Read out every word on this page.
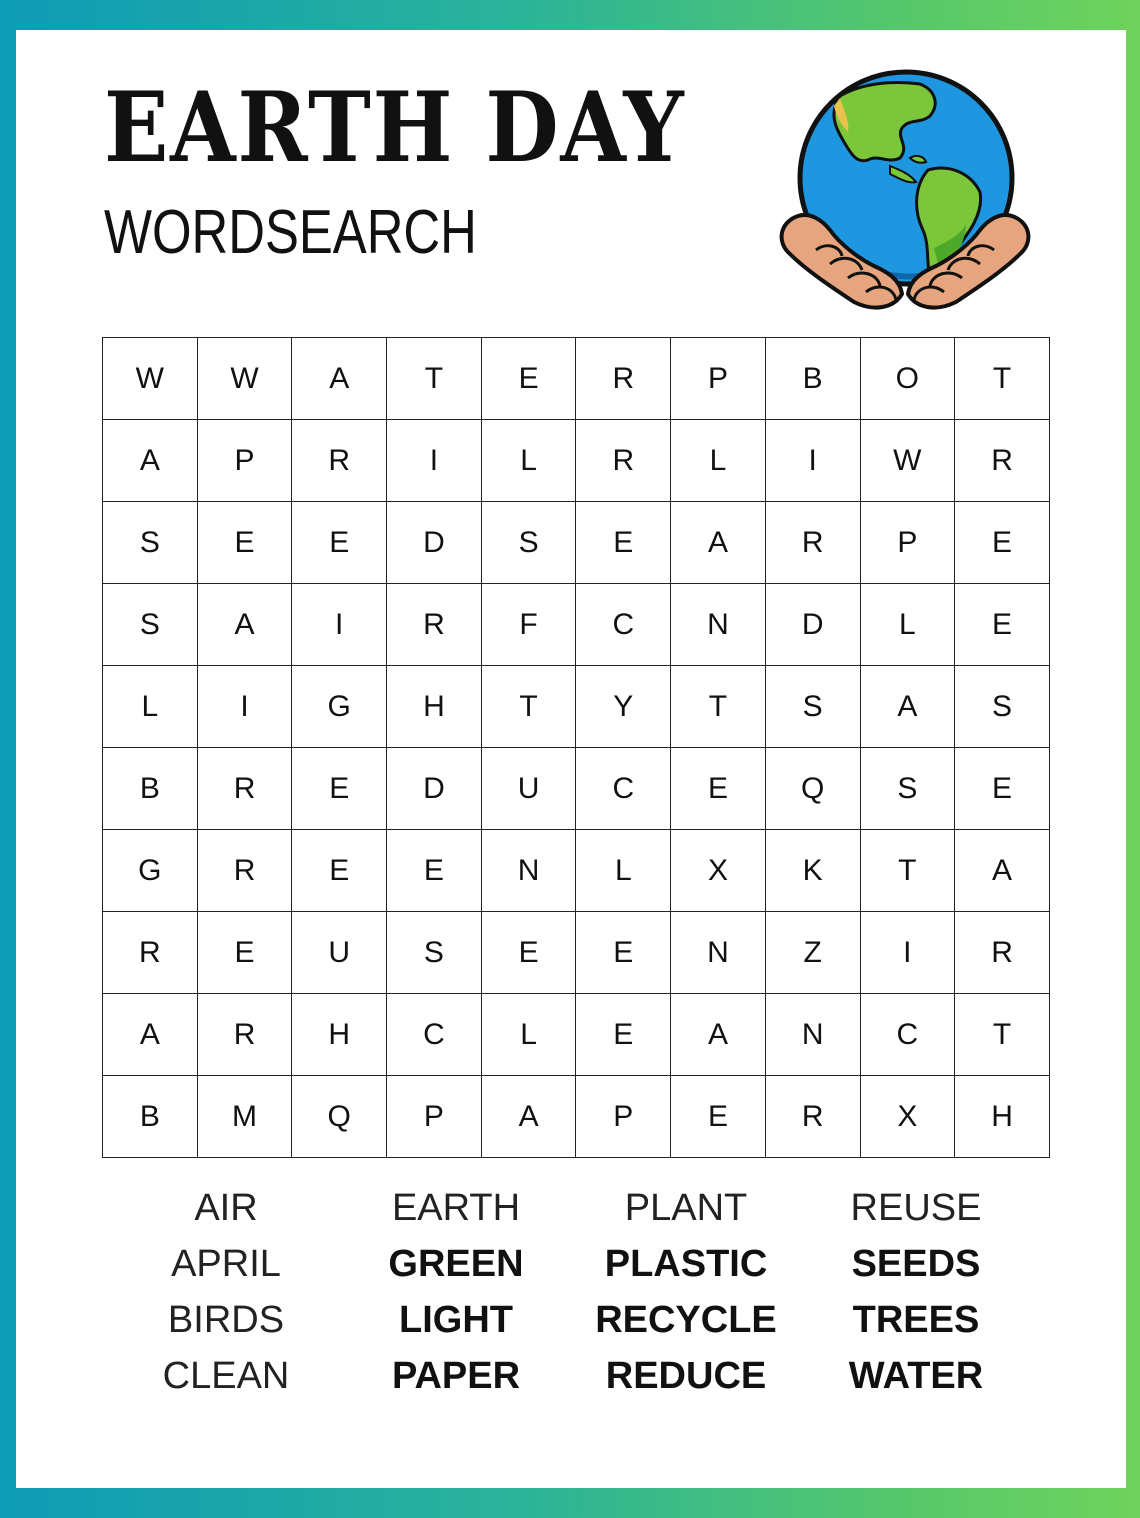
EARTH DAY
WORDSEARCH
W	W	A	T	E	R	P	B	O	T
A	P	R	I	L	R	L	I	W	R
S	E	E	D	S	E	A	R	P	E
S	A	I	R	F	C	N	D	L	E
L	I	G	H	T	Y	T	S	A	S
B	R	E	D	U	C	E	Q	S	E
G	R	E	E	N	L	X	K	T	A
R	E	U	S	E	E	N	Z	I	R
A	R	H	C	L	E	A	N	C	T
B	M	Q	P	A	P	E	R	X	H
AIR	EARTH	PLANT	REUSE
APRIL	GREEN	PLASTIC	SEEDS
BIRDS	LIGHT	RECYCLE	TREES
CLEAN	PAPER	REDUCE	WATER
